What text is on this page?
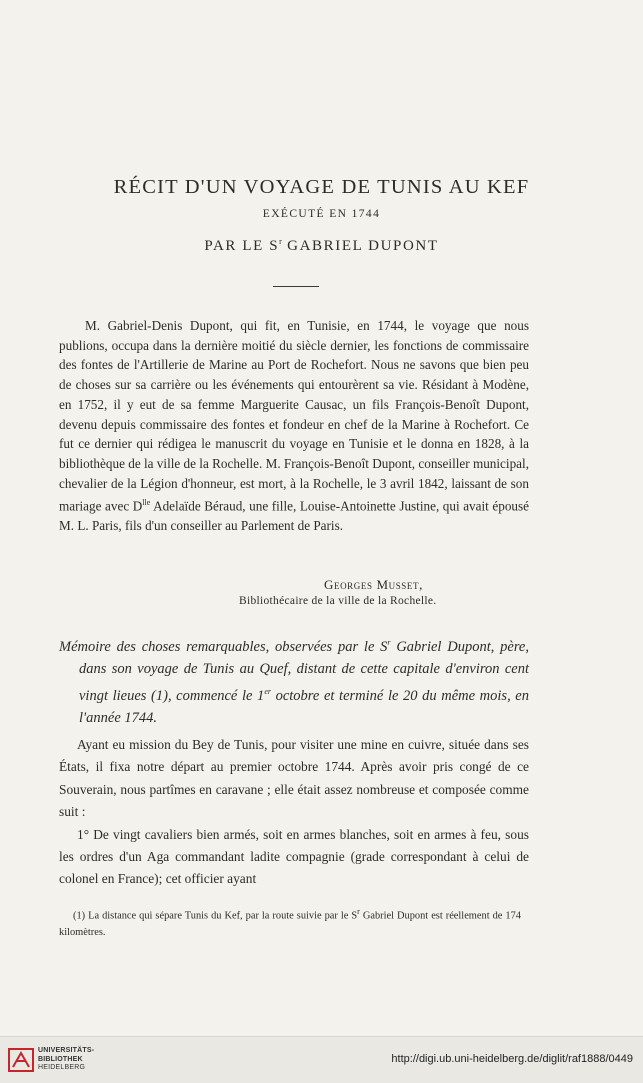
RÉCIT D'UN VOYAGE DE TUNIS AU KEF
EXÉCUTÉ EN 1744
PAR LE $S^r$ GABRIEL DUPONT

M. Gabriel-Denis Dupont, qui fit, en Tunisie, en 1744, le voyage que nous publions, occupa dans la dernière moitié du siècle dernier, les fonctions de commissaire des fontes de l'Artillerie de Marine au Port de Rochefort. Nous ne savons que bien peu de choses sur sa carrière ou les événements qui entourèrent sa vie. Résidant à Modène, en 1752, il y eut de sa femme Marguerite Causac, un fils François-Benoît Dupont, devenu depuis commissaire des fontes et fondeur en chef de la Marine à Rochefort. Ce fut ce dernier qui rédigea le manuscrit du voyage en Tunisie et le donna en 1828, à la bibliothèque de la ville de la Rochelle. M. François-Benoît Dupont, conseiller municipal, chevalier de la Légion d'honneur, est mort, à la Rochelle, le 3 avril 1842, laissant de son mariage avec $D^{lle}$ Adelaïde Béraud, une fille, Louise-Antoinette Justine, qui avait épousé M. L. Paris, fils d'un conseiller au Parlement de Paris.

Georges Musset,
Bibliothécaire de la ville de la Rochelle.

Mémoire des choses remarquables, observées par le $S^r$ Gabriel Dupont, père, dans son voyage de Tunis au Quef, distant de cette capitale d'environ cent vingt lieues (1), commencé le 1er octobre et terminé le 20 du même mois, en l'année 1744.

Ayant eu mission du Bey de Tunis, pour visiter une mine en cuivre, située dans ses États, il fixa notre départ au premier octobre 1744. Après avoir pris congé de ce Souverain, nous partîmes en caravane ; elle était assez nombreuse et composée comme suit :

1° De vingt cavaliers bien armés, soit en armes blanches, soit en armes à feu, sous les ordres d'un Aga commandant ladite compagnie (grade correspondant à celui de colonel en France); cet officier ayant

(1) La distance qui sépare Tunis du Kef, par la route suivie par le $S^r$ Gabriel Dupont est réellement de 174 kilomètres.

UNIVERSITÄTS-
BIBLIOTHEK
HEIDELBERG
http://digi.ub.uni-heidelberg.de/diglit/raf1888/0449
